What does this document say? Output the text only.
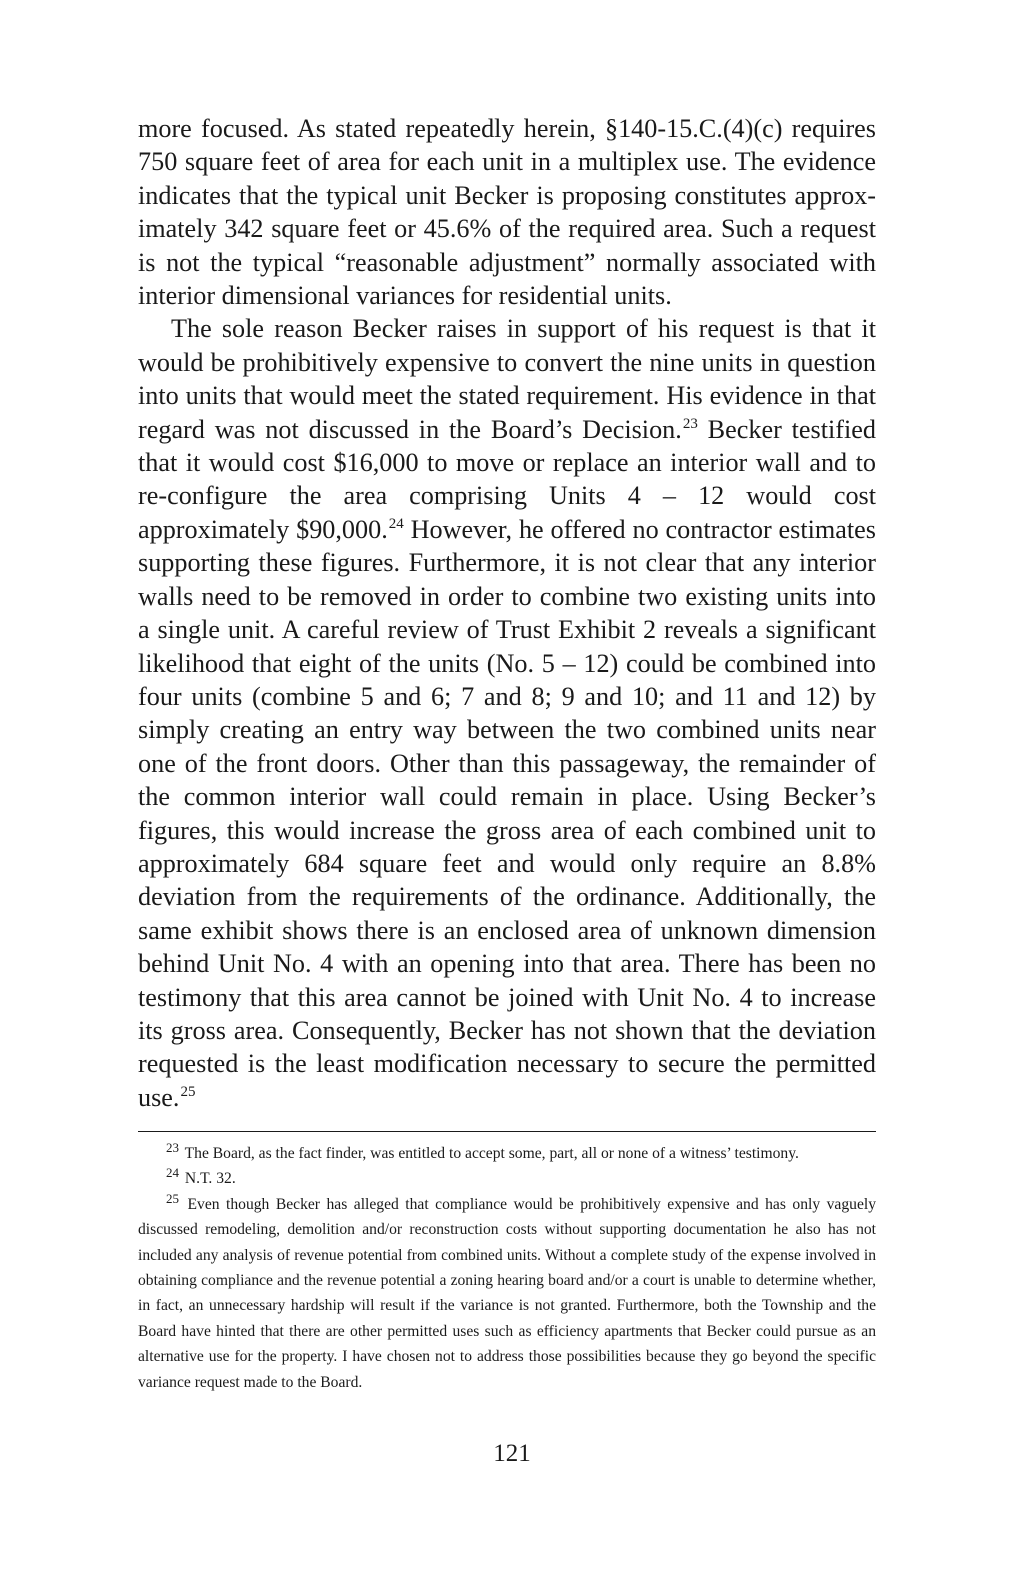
more focused. As stated repeatedly herein, §140-15.C.(4)(c) requires 750 square feet of area for each unit in a multiplex use. The evidence indicates that the typical unit Becker is proposing constitutes approximately 342 square feet or 45.6% of the required area. Such a request is not the typical “reasonable adjustment” normally associated with interior dimensional variances for residential units.

The sole reason Becker raises in support of his request is that it would be prohibitively expensive to convert the nine units in question into units that would meet the stated requirement. His evidence in that regard was not discussed in the Board’s Decision.$^{23}$ Becker testified that it would cost $16,000 to move or replace an interior wall and to re-configure the area comprising Units 4 – 12 would cost approximately $90,000.24 However, he offered no contractor estimates supporting these figures. Furthermore, it is not clear that any interior walls need to be removed in order to combine two existing units into a single unit. A careful review of Trust Exhibit 2 reveals a significant likelihood that eight of the units (No. 5 – 12) could be combined into four units (combine 5 and 6; 7 and 8; 9 and 10; and 11 and 12) by simply creating an entry way between the two combined units near one of the front doors. Other than this passageway, the remainder of the common interior wall could remain in place. Using Becker’s figures, this would increase the gross area of each combined unit to approximately 684 square feet and would only require an 8.8% deviation from the requirements of the ordinance. Additionally, the same exhibit shows there is an enclosed area of unknown dimension behind Unit No. 4 with an opening into that area. There has been no testimony that this area cannot be joined with Unit No. 4 to increase its gross area. Consequently, Becker has not shown that the deviation requested is the least modification necessary to secure the permitted use.$^{25}$

$^{23}$ The Board, as the fact finder, was entitled to accept some, part, all or none of a witness’ testimony.

$^{24}$ N.T. 32.

$^{25}$ Even though Becker has alleged that compliance would be prohibitively expensive and has only vaguely discussed remodeling, demolition and/or reconstruction costs without supporting documentation he also has not included any analysis of revenue potential from combined units. Without a complete study of the expense involved in obtaining compliance and the revenue potential a zoning hearing board and/or a court is unable to determine whether, in fact, an unnecessary hardship will result if the variance is not granted. Furthermore, both the Township and the Board have hinted that there are other permitted uses such as efficiency apartments that Becker could pursue as an alternative use for the property. I have chosen not to address those possibilities because they go beyond the specific variance request made to the Board.

121
